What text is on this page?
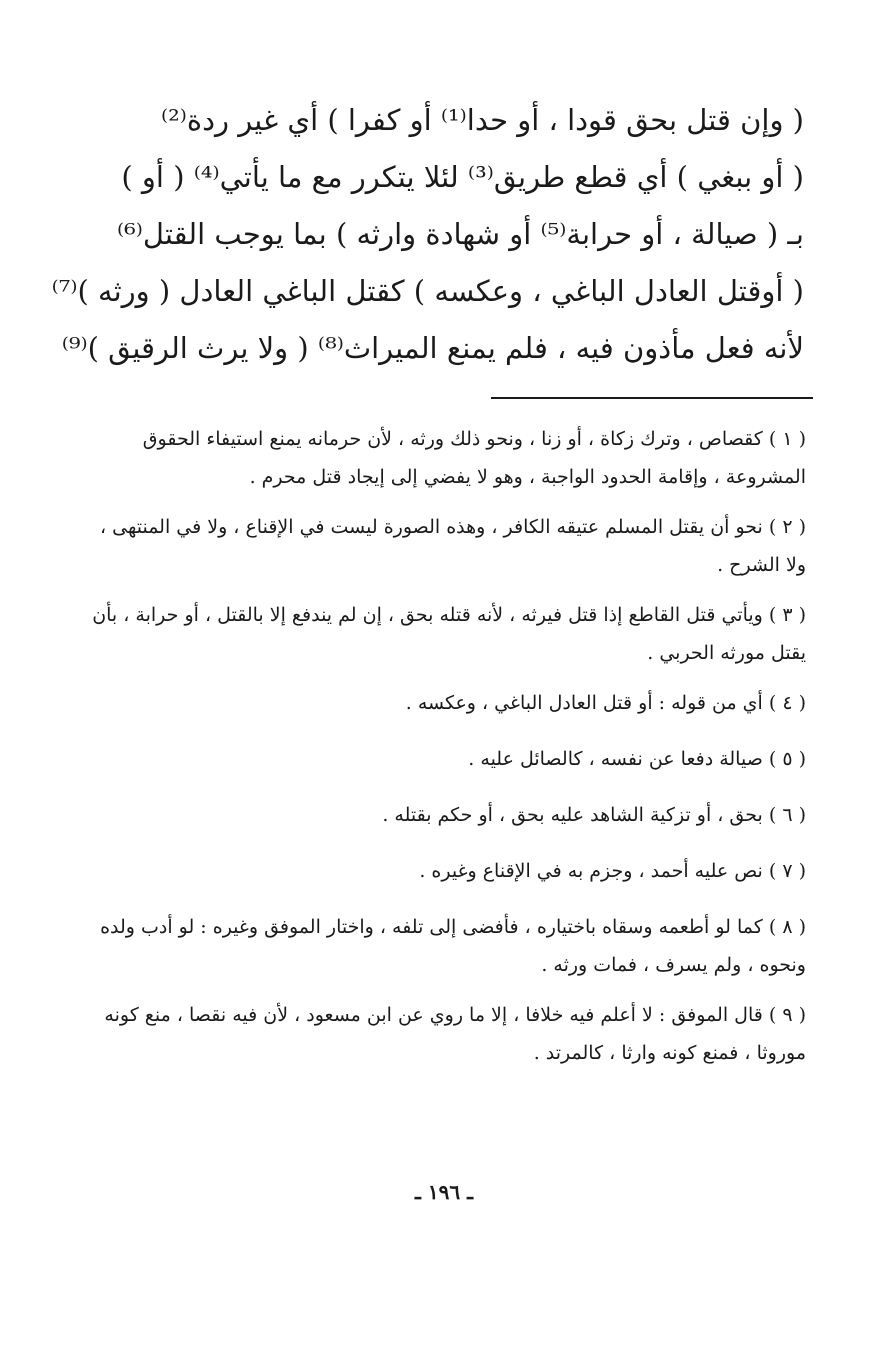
( وإن قتل بحق قودا ، أو حدا⁽¹⁾ أو كفرا ) أي غير ردة⁽²⁾

( أو ببغي ) أي قطع طريق⁽³⁾ لئلا يتكرر مع ما يأتي⁽⁴⁾ ( أو )

بـ ( صيالة ، أو حرابة⁽⁵⁾ أو شهادة وارثه ) بما يوجب القتل⁽⁶⁾

( أوقتل العادل الباغي ، وعكسه ) كقتل الباغي العادل ( ورثه )⁽⁷⁾

لأنه فعل مأذون فيه ، فلم يمنع الميراث⁽⁸⁾ ( ولا يرث الرقيق )⁽⁹⁾

( ١ ) كقصاص ، وترك زكاة ، أو زنا ، ونحو ذلك ورثه ، لأن حرمانه يمنع استيفاء الحقوق المشروعة ، وإقامة الحدود الواجبة ، وهو لا يفضي إلى إيجاد قتل محرم .

( ٢ ) نحو أن يقتل المسلم عتيقه الكافر ، وهذه الصورة ليست في الإقناع ، ولا في المنتهى ، ولا الشرح .

( ٣ ) ويأتي قتل القاطع إذا قتل فيرثه ، لأنه قتله بحق ، إن لم يندفع إلا بالقتل ، أو حرابة ، بأن يقتل مورثه الحربي .

( ٤ ) أي من قوله : أو قتل العادل الباغي ، وعكسه .

( ٥ ) صيالة دفعا عن نفسه ، كالصائل عليه .

( ٦ ) بحق ، أو تزكية الشاهد عليه بحق ، أو حكم بقتله .

( ٧ ) نص عليه أحمد ، وجزم به في الإقناع وغيره .

( ٨ ) كما لو أطعمه وسقاه باختياره ، فأفضى إلى تلفه ، واختار الموفق وغيره : لو أدب ولده ونحوه ، ولم يسرف ، فمات ورثه .

( ٩ ) قال الموفق : لا أعلم فيه خلافا ، إلا ما روي عن ابن مسعود ، لأن فيه نقصا ، منع كونه موروثا ، فمنع كونه وارثا ، كالمرتد .

ـ ١٩٦ ـ
